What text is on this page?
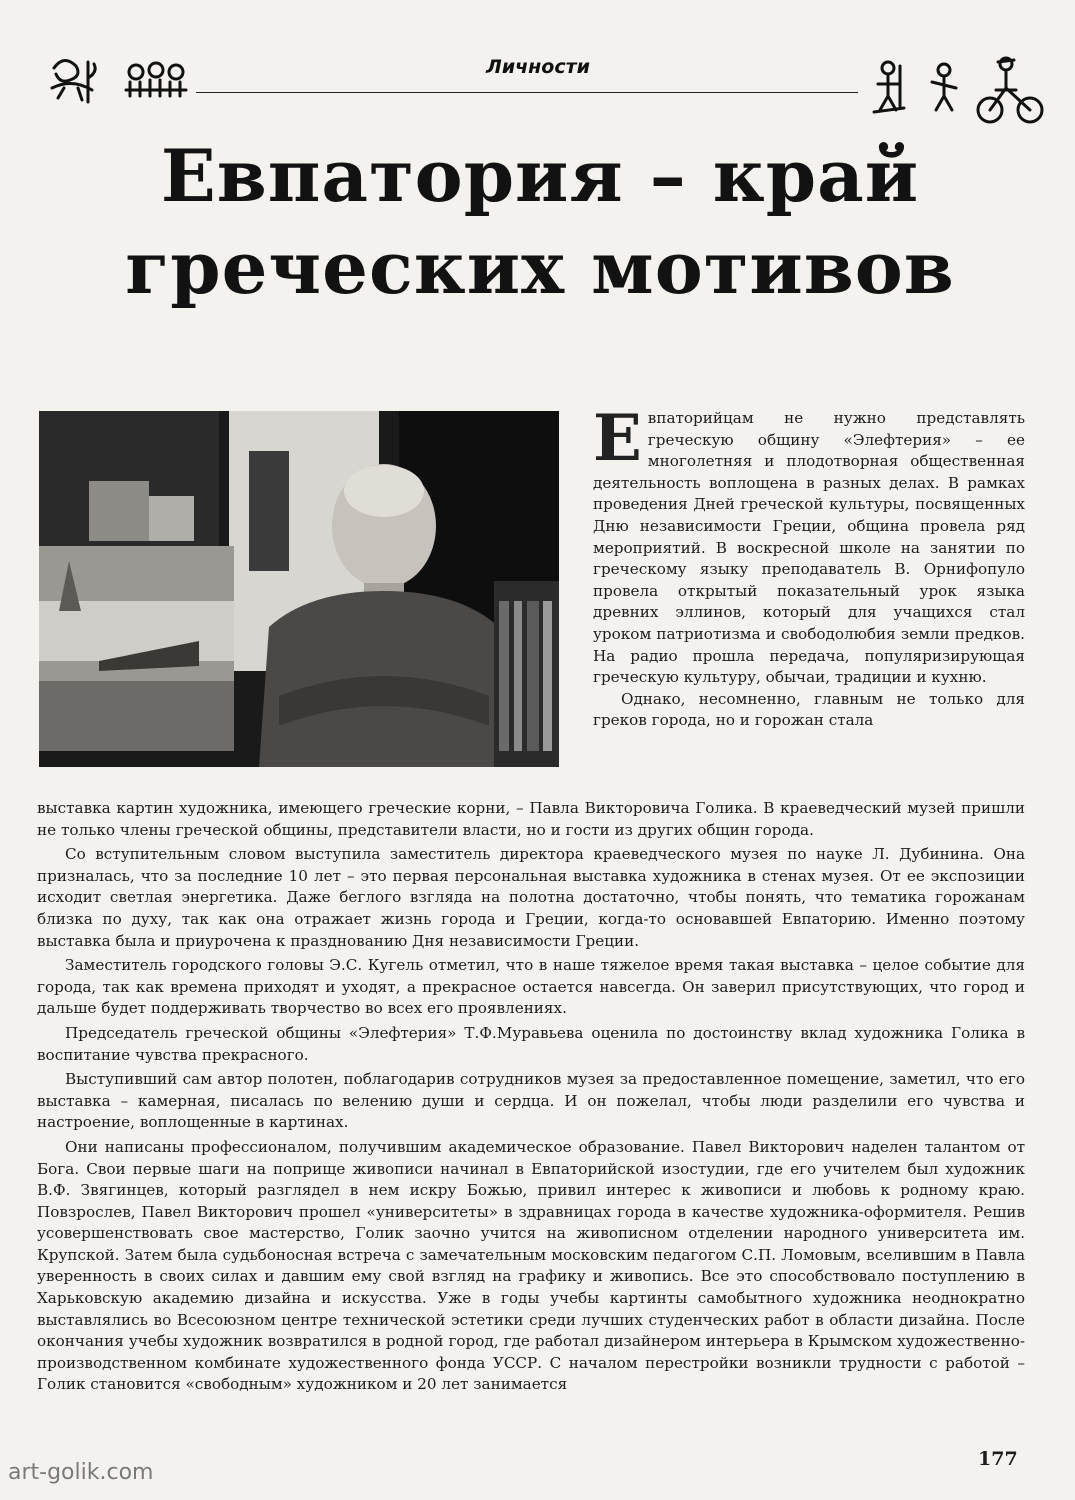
Личности
Евпатория – край
греческих мотивов

Евпаторийцам не нужно представлять греческую общину «Элефтерия» – ее многолетняя и плодотворная общественная деятельность воплощена в разных делах. В рамках проведения Дней греческой культуры, посвященных Дню независимости Греции, община провела ряд мероприятий. В воскресной школе на занятии по греческому языку преподаватель В. Орнифопуло провела открытый показательный урок языка древних эллинов, который для учащихся стал уроком патриотизма и свободолюбия земли предков. На радио прошла передача, популяризирующая греческую культуру, обычаи, традиции и кухню.

Однако, несомненно, главным не только для греков города, но и горожан стала

выставка картин художника, имеющего греческие корни, – Павла Викторовича Голика. В краеведческий музей пришли не только члены греческой общины, представители власти, но и гости из других общин города.

Со вступительным словом выступила заместитель директора краеведческого музея по науке Л. Дубинина. Она призналась, что за последние 10 лет – это первая персональная выставка художника в стенах музея. От ее экспозиции исходит светлая энергетика. Даже беглого взгляда на полотна достаточно, чтобы понять, что тематика горожанам близка по духу, так как она отражает жизнь города и Греции, когда-то основавшей Евпаторию. Именно поэтому выставка была и приурочена к празднованию Дня независимости Греции.

Заместитель городского головы Э.С. Кугель отметил, что в наше тяжелое время такая выставка – целое событие для города, так как времена приходят и уходят, а прекрасное остается навсегда. Он заверил присутствующих, что город и дальше будет поддерживать творчество во всех его проявлениях.

Председатель греческой общины «Элефтерия» Т.Ф.Муравьева оценила по достоинству вклад художника Голика в воспитание чувства прекрасного.

Выступивший сам автор полотен, поблагодарив сотрудников музея за предоставленное помещение, заметил, что его выставка – камерная, писалась по велению души и сердца. И он пожелал, чтобы люди разделили его чувства и настроение, воплощенные в картинах.

Они написаны профессионалом, получившим академическое образование. Павел Викторович наделен талантом от Бога. Свои первые шаги на поприще живописи начинал в Евпаторийской изостудии, где его учителем был художник В.Ф. Звягинцев, который разглядел в нем искру Божью, привил интерес к живописи и любовь к родному краю. Повзрослев, Павел Викторович прошел «университеты» в здравницах города в качестве художника-оформителя. Решив усовершенствовать свое мастерство, Голик заочно учится на живописном отделении народного университета им. Крупской. Затем была судьбоносная встреча с замечательным московским педагогом С.П. Ломовым, вселившим в Павла уверенность в своих силах и давшим ему свой взгляд на графику и живопись. Все это способствовало поступлению в Харьковскую академию дизайна и искусства. Уже в годы учебы картинты самобытного художника неоднократно выставлялись во Всесоюзном центре технической эстетики среди лучших студенческих работ в области дизайна. После окончания учебы художник возвратился в родной город, где работал дизайнером интерьера в Крымском художественно-производственном комбинате художественного фонда УССР. С началом перестройки возникли трудности с работой – Голик становится «свободным» художником и 20 лет занимается

177
art-golik.com
